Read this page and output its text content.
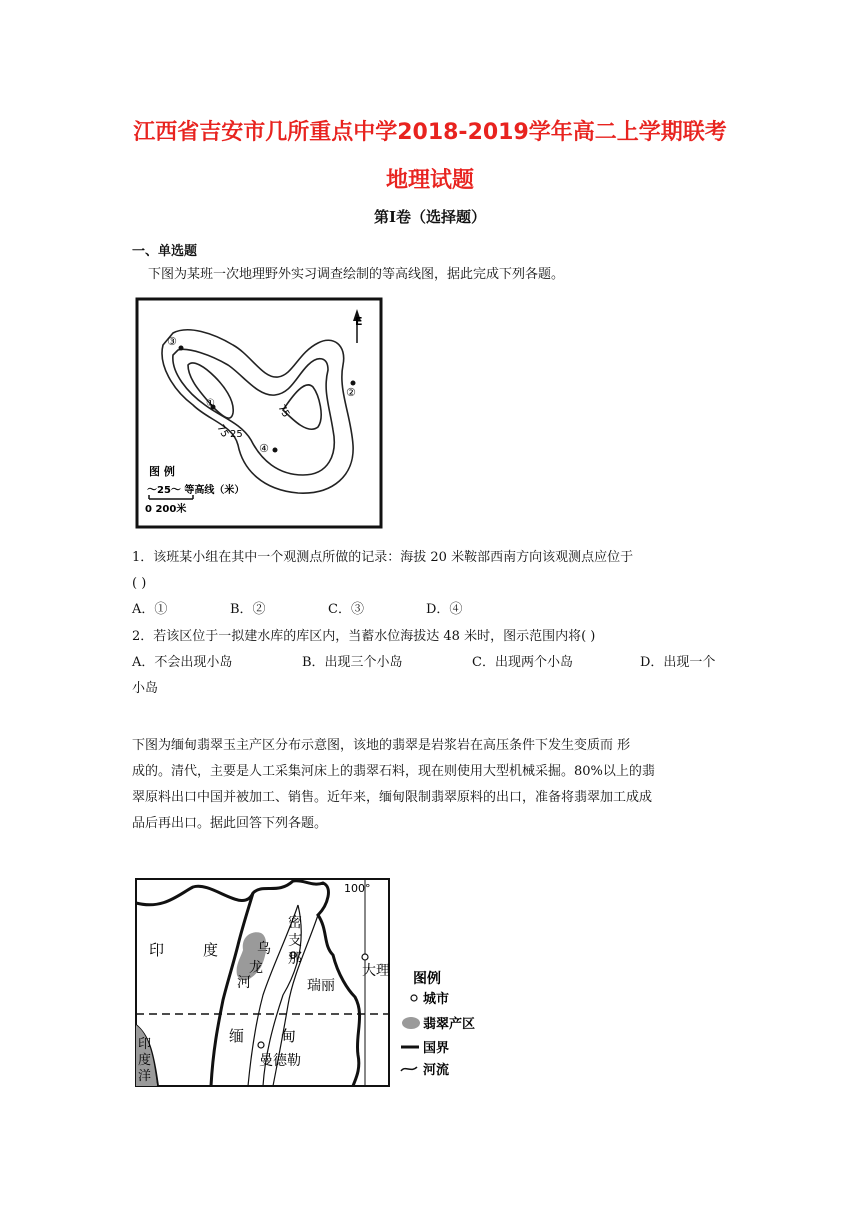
江西省吉安市几所重点中学2018-2019学年高二上学期联考
地理试题
第Ⅰ卷（选择题）
一、单选题
下图为某班一次地理野外实习调查绘制的等高线图，据此完成下列各题。
E
③
①
②
④
75 25
75
图 例
～25～ 等高线（米）
0 200米
1．该班某小组在其中一个观测点所做的记录：海拔 20 米鞍部西南方向该观测点应位于
( )
A．①	B．②	C．③	D．④
2．若该区位于一拟建水库的库区内，当蓄水位海拔达 48 米时，图示范围内将( )
A．不会出现小岛	B．出现三个小岛	C．出现两个小岛	D．出现一个
小岛
下图为缅甸翡翠玉主产区分布示意图，该地的翡翠是岩浆岩在高压条件下发生变质而 形
成的。清代，主要是人工采集河床上的翡翠石料，现在则使用大型机械采掘。80%以上的翡
翠原料出口中国并被加工、销售。近年来，缅甸限制翡翠原料的出口，准备将翡翠加工成成
品后再出口。据此回答下列各题。
100°
印	度
密
支
那
大理
瑞丽
乌
龙
河
缅 甸
曼德勒
印
度
洋
图例
城市
翡翠产区
国界
河流
